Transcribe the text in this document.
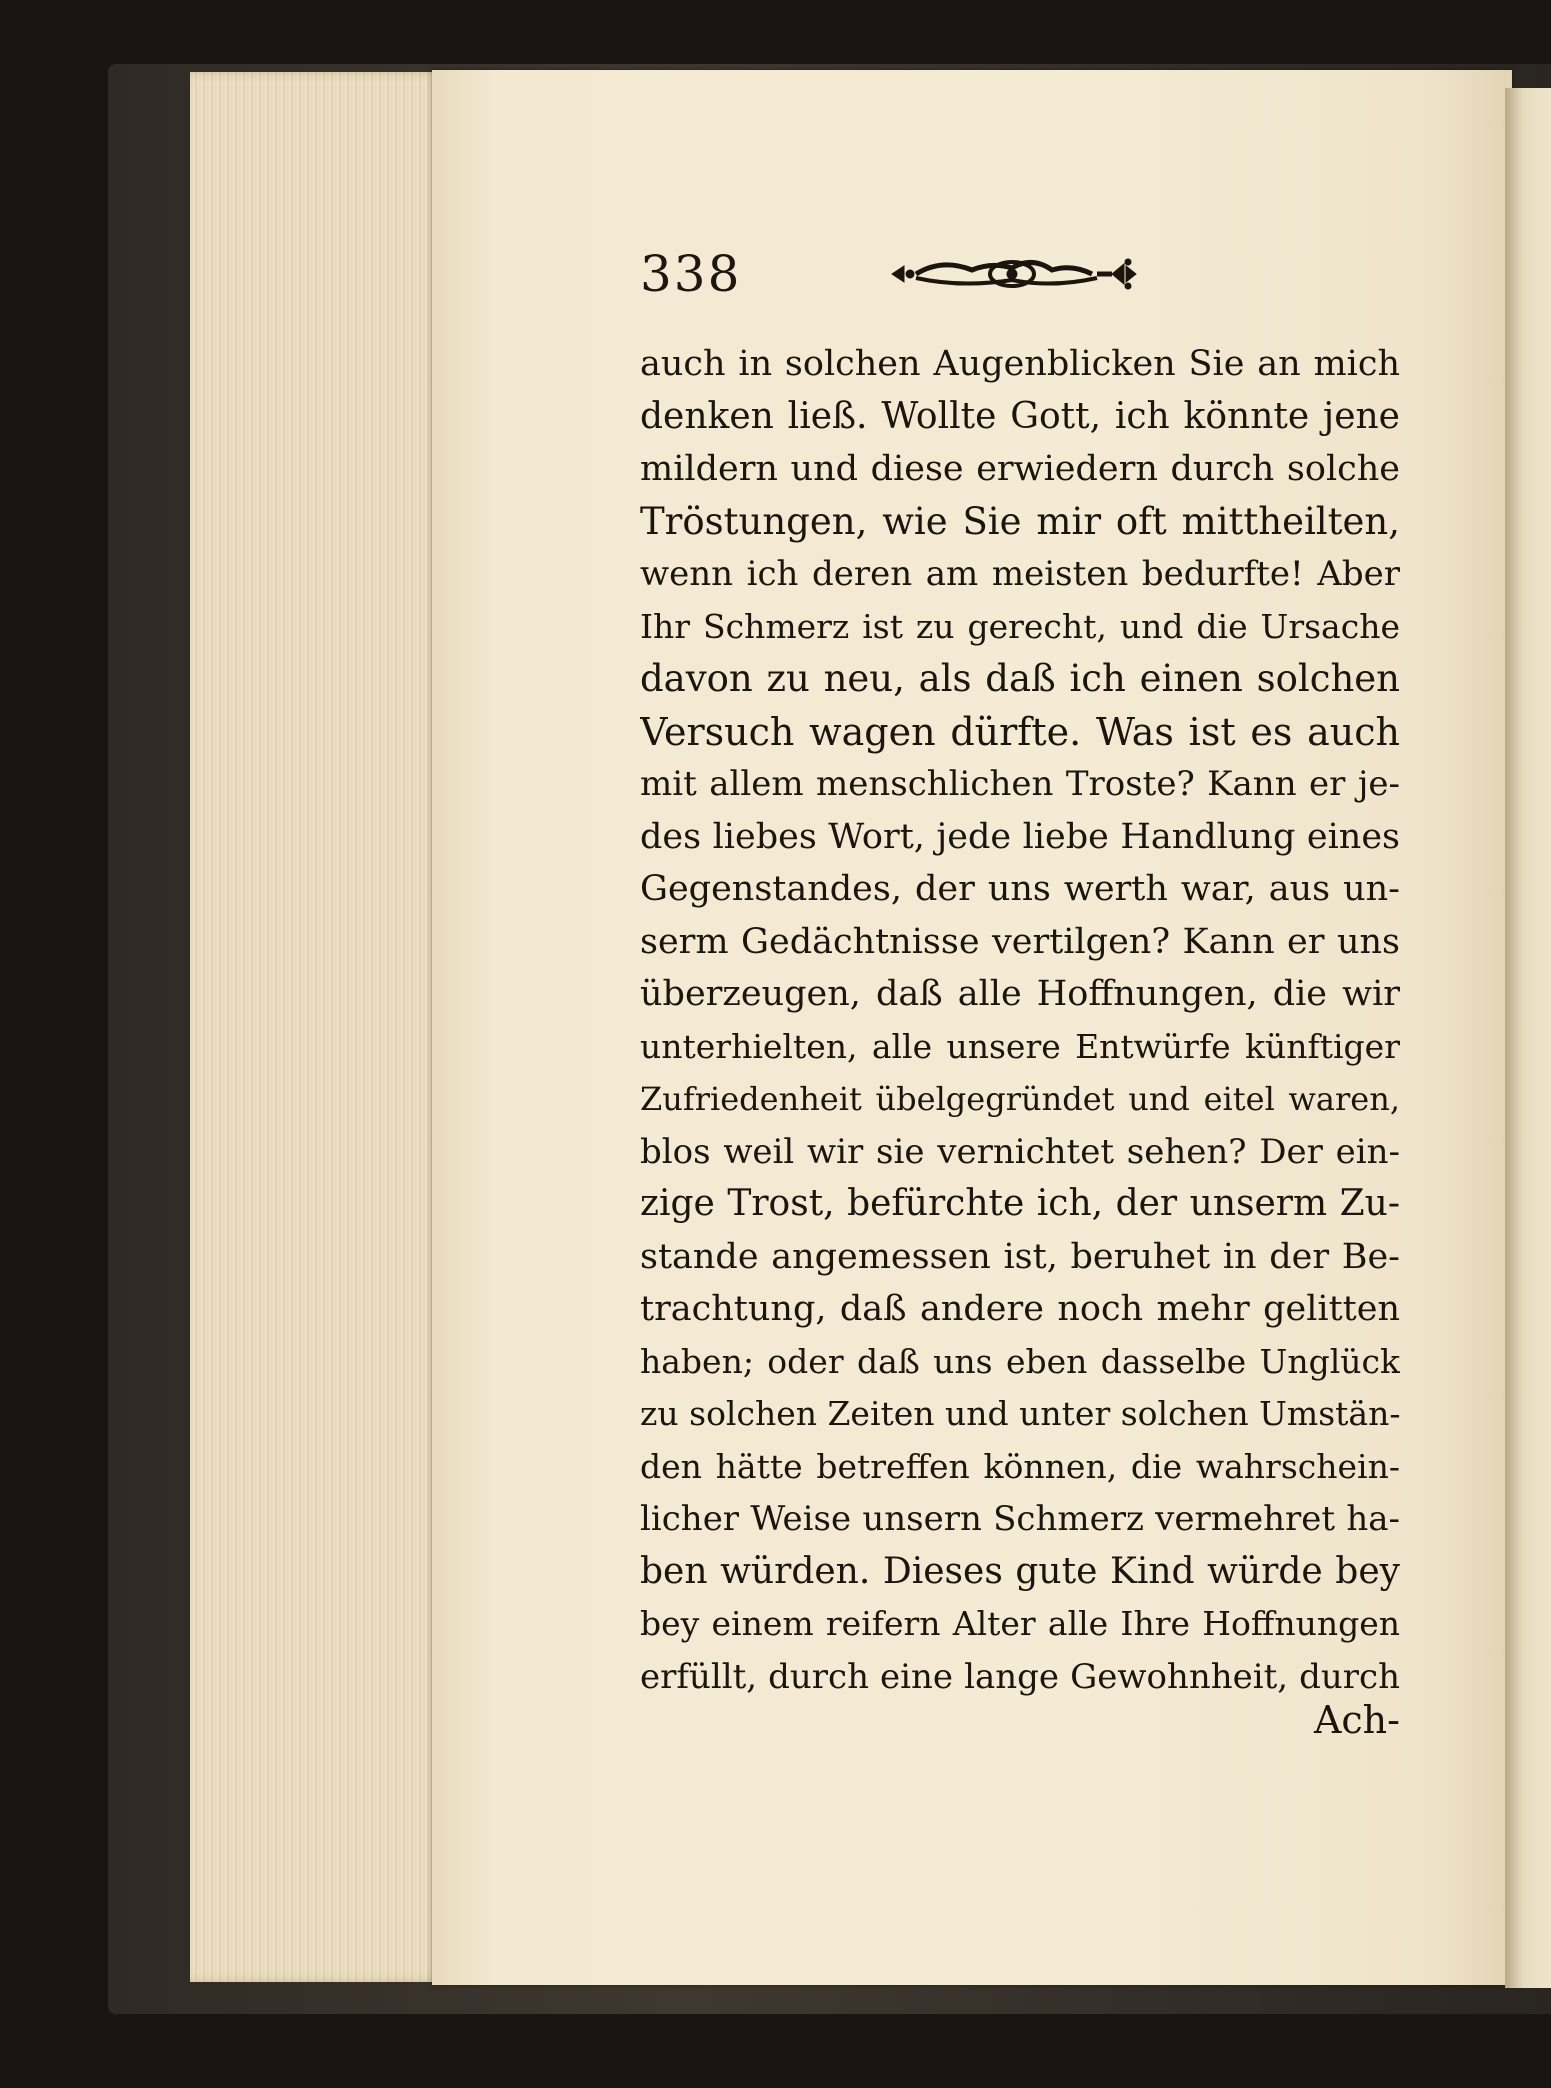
338
auch in solchen Augenblicken Sie an mich
denken ließ. Wollte Gott, ich könnte jene
mildern und diese erwiedern durch solche
Tröstungen, wie Sie mir oft mittheilten,
wenn ich deren am meisten bedurfte! Aber
Ihr Schmerz ist zu gerecht, und die Ursache
davon zu neu, als daß ich einen solchen
Versuch wagen dürfte. Was ist es auch
mit allem menschlichen Troste? Kann er je-
des liebes Wort, jede liebe Handlung eines
Gegenstandes, der uns werth war, aus un-
serm Gedächtnisse vertilgen? Kann er uns
überzeugen, daß alle Hoffnungen, die wir
unterhielten, alle unsere Entwürfe künftiger
Zufriedenheit übelgegründet und eitel waren,
blos weil wir sie vernichtet sehen? Der ein-
zige Trost, befürchte ich, der unserm Zu-
stande angemessen ist, beruhet in der Be-
trachtung, daß andere noch mehr gelitten
haben; oder daß uns eben dasselbe Unglück
zu solchen Zeiten und unter solchen Umstän-
den hätte betreffen können, die wahrschein-
licher Weise unsern Schmerz vermehret ha-
ben würden. Dieses gute Kind würde bey
bey einem reifern Alter alle Ihre Hoffnungen
erfüllt, durch eine lange Gewohnheit, durch
Ach-
